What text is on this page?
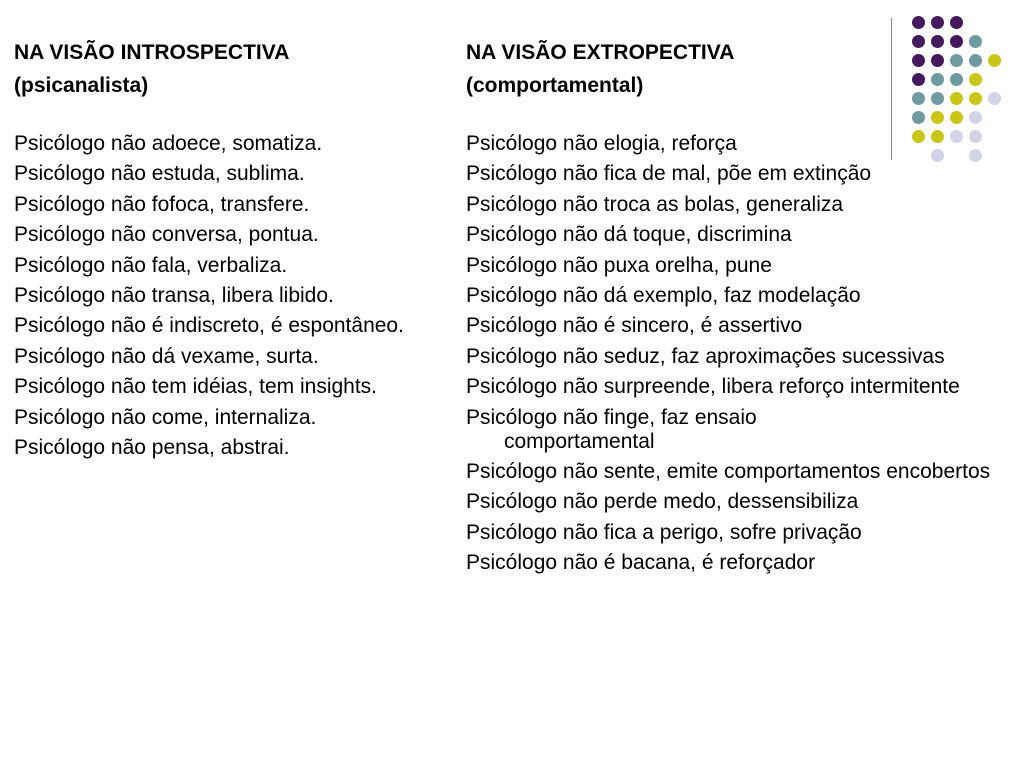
NA VISÃO INTROSPECTIVA

(psicanalista)

Psicólogo não adoece, somatiza.
Psicólogo não estuda, sublima.
Psicólogo não fofoca, transfere.
Psicólogo não conversa, pontua.
Psicólogo não fala, verbaliza.
Psicólogo não transa, libera libido.
Psicólogo não é indiscreto, é espontâneo.
Psicólogo não dá vexame, surta.
Psicólogo não tem idéias, tem insights.
Psicólogo não come, internaliza.
Psicólogo não pensa, abstrai.

NA VISÃO EXTROPECTIVA

(comportamental)

Psicólogo não elogia, reforça
Psicólogo não fica de mal, põe em extinção
Psicólogo não troca as bolas, generaliza
Psicólogo não dá toque, discrimina
Psicólogo não puxa orelha, pune
Psicólogo não dá exemplo, faz modelação
Psicólogo não é sincero, é assertivo
Psicólogo não seduz, faz aproximações sucessivas
Psicólogo não surpreende, libera reforço intermitente
Psicólogo não finge, faz ensaio comportamental
Psicólogo não sente, emite comportamentos encobertos
Psicólogo não perde medo, dessensibiliza
Psicólogo não fica a perigo, sofre privação
Psicólogo não é bacana, é reforçador
